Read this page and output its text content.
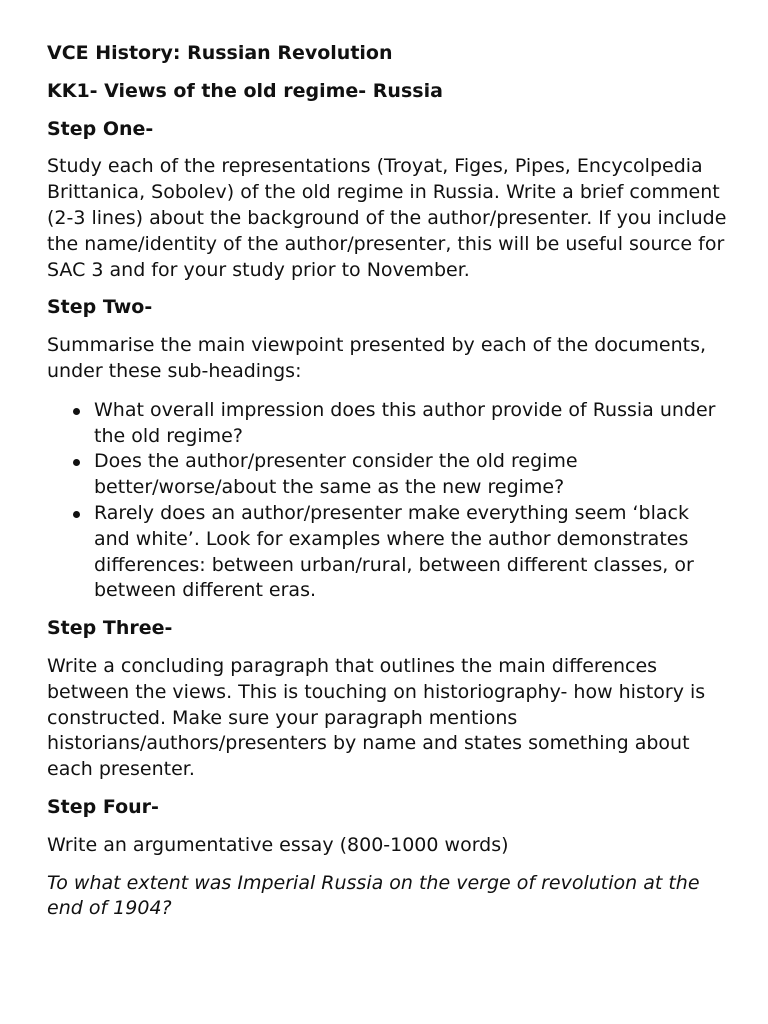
VCE History: Russian Revolution

KK1- Views of the old regime- Russia

Step One-

Study each of the representations (Troyat, Figes, Pipes, Encycolpedia Brittanica, Sobolev) of the old regime in Russia. Write a brief comment (2-3 lines) about the background of the author/presenter. If you include the name/identity of the author/presenter, this will be useful source for SAC 3 and for your study prior to November.

Step Two-

Summarise the main viewpoint presented by each of the documents, under these sub-headings:

What overall impression does this author provide of Russia under the old regime?
Does the author/presenter consider the old regime better/worse/about the same as the new regime?
Rarely does an author/presenter make everything seem ‘black and white’. Look for examples where the author demonstrates differences: between urban/rural, between different classes, or between different eras.

Step Three-

Write a concluding paragraph that outlines the main differences between the views. This is touching on historiography- how history is constructed. Make sure your paragraph mentions historians/authors/presenters by name and states something about each presenter.

Step Four-

Write an argumentative essay (800-1000 words)

To what extent was Imperial Russia on the verge of revolution at the end of 1904?
